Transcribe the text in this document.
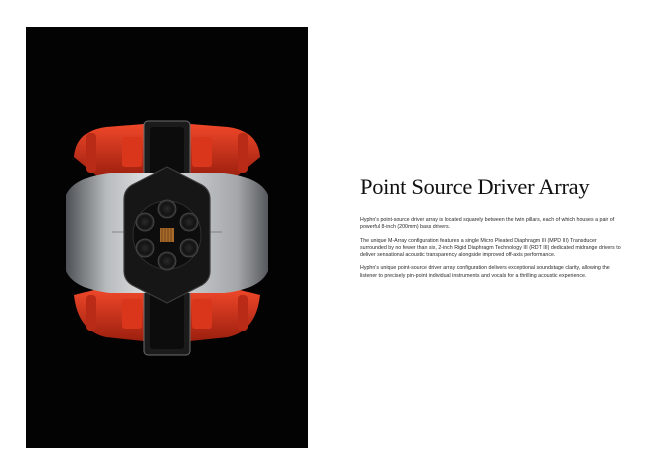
Point Source Driver Array

Hyphn's point-source driver array is located squarely between the twin pillars, each of which houses a pair of powerful 8-inch (200mm) bass drivers.

The unique M-Array configuration features a single Micro Pleated Diaphragm III (MPD III) Transducer surrounded by no fewer than six, 2-inch Rigid Diaphragm Technology III (RDT III) dedicated midrange drivers to deliver sensational acoustic transparency alongside improved off-axis performance.

Hyphn's unique point-source driver array configuration delivers exceptional soundstage clarity, allowing the listener to precisely pin-point individual instruments and vocals for a thrilling acoustic experience.
